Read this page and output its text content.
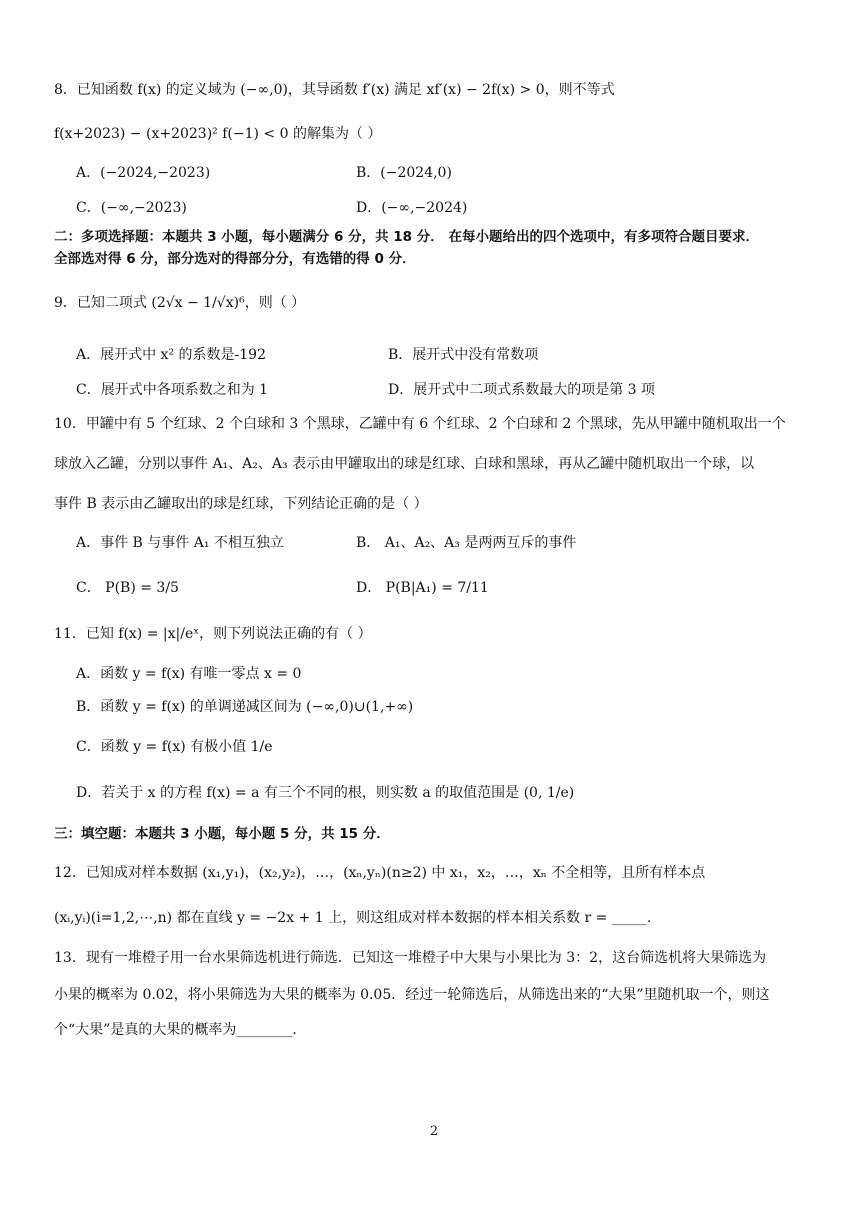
8．已知函数 f(x) 的定义域为 (−∞,0)，其导函数 f′(x) 满足 xf′(x) − 2f(x) > 0，则不等式
f(x+2023) − (x+2023)² f(−1) < 0 的解集为（ ）
A．(−2024,−2023)	B．(−2024,0)
C．(−∞,−2023)	D．(−∞,−2024)
二：多项选择题：本题共 3 小题，每小题满分 6 分，共 18 分． 在每小题给出的四个选项中，有多项符合题目要求．
全部选对得 6 分，部分选对的得部分分，有选错的得 0 分．
9．已知二项式 (2√x − 1/√x)⁶，则（ ）
A．展开式中 x² 的系数是-192	B．展开式中没有常数项
C．展开式中各项系数之和为 1	D．展开式中二项式系数最大的项是第 3 项
10．甲罐中有 5 个红球、2 个白球和 3 个黑球，乙罐中有 6 个红球、2 个白球和 2 个黑球，先从甲罐中随机取出一个
球放入乙罐，分别以事件 A₁、A₂、A₃ 表示由甲罐取出的球是红球、白球和黑球，再从乙罐中随机取出一个球，以
事件 B 表示由乙罐取出的球是红球，下列结论正确的是（ ）
A．事件 B 与事件 A₁ 不相互独立	B． A₁、A₂、A₃ 是两两互斥的事件
C． P(B) = 3/5	D． P(B|A₁) = 7/11
11．已知 f(x) = |x|/eˣ，则下列说法正确的有（ ）
A．函数 y = f(x) 有唯一零点 x = 0
B．函数 y = f(x) 的单调递减区间为 (−∞,0)∪(1,+∞)
C．函数 y = f(x) 有极小值 1/e
D．若关于 x 的方程 f(x) = a 有三个不同的根，则实数 a 的取值范围是 (0, 1/e)
三：填空题：本题共 3 小题，每小题 5 分，共 15 分．
12．已知成对样本数据 (x₁,y₁)，(x₂,y₂)，…，(xₙ,yₙ)(n≥2) 中 x₁，x₂，…，xₙ 不全相等，且所有样本点
(xᵢ,yᵢ)(i=1,2,⋯,n) 都在直线 y = −2x + 1 上，则这组成对样本数据的样本相关系数 r = _____.
13．现有一堆橙子用一台水果筛选机进行筛选．已知这一堆橙子中大果与小果比为 3：2，这台筛选机将大果筛选为
小果的概率为 0.02，将小果筛选为大果的概率为 0.05．经过一轮筛选后，从筛选出来的“大果”里随机取一个，则这
个“大果”是真的大果的概率为________.
2
